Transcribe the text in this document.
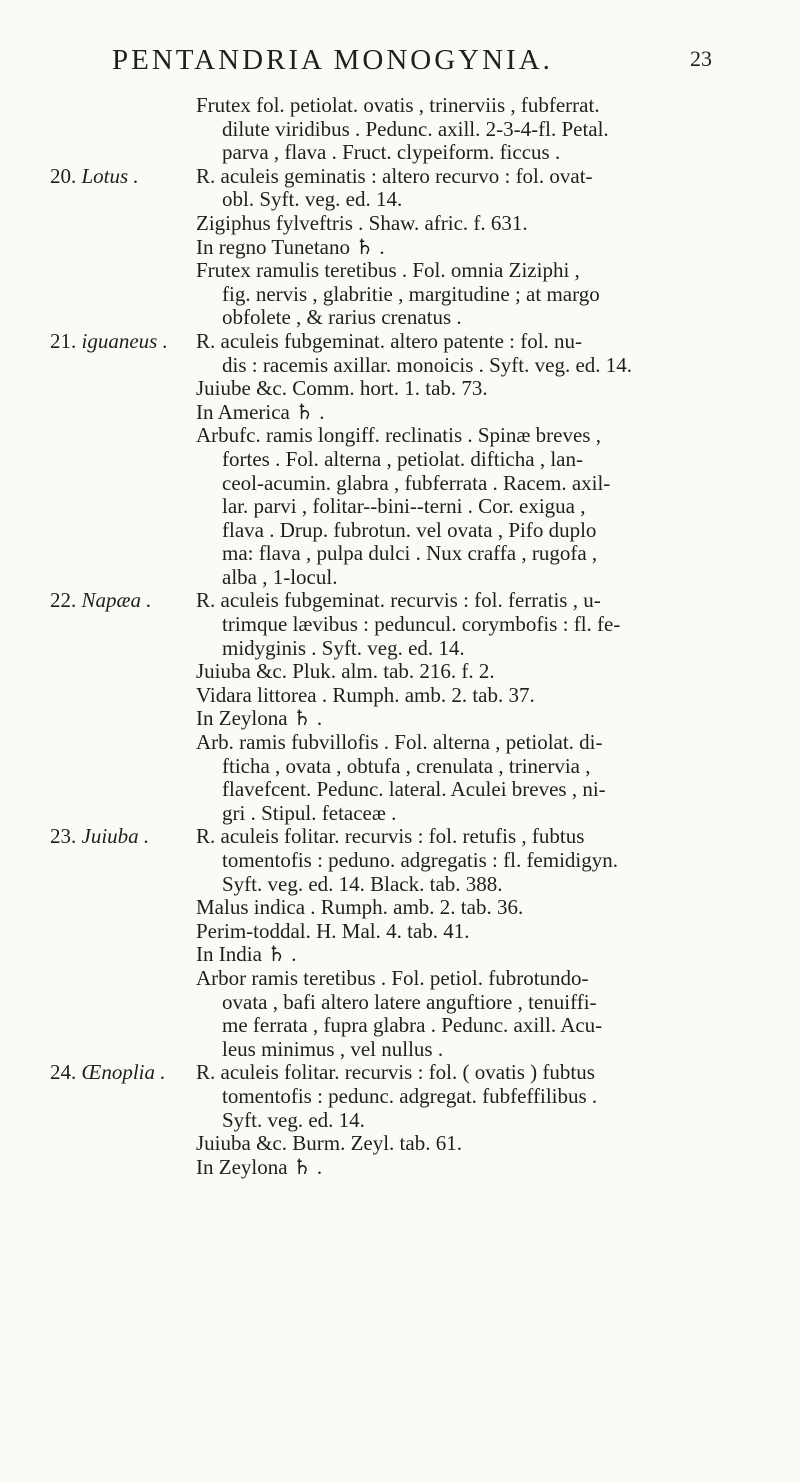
PENTANDRIA MONOGYNIA.	23
Frutex fol. petiolat. ovatis , trinerviis , fubferrat.
dilute viridibus . Pedunc. axill. 2-3-4-fl. Petal.
parva , flava . Fruct. clypeiform. ficcus .
20. Lotus .	R. aculeis geminatis : altero recurvo : fol. ovat-
obl. Syft. veg. ed. 14.
Zigiphus fylveftris . Shaw. afric. f. 631.
In regno Tunetano ♄ .
Frutex ramulis teretibus . Fol. omnia Ziziphi ,
fig. nervis , glabritie , margitudine ; at margo
obfolete , & rarius crenatus .
21. iguaneus . R. aculeis fubgeminat. altero patente : fol. nu-
dis : racemis axillar. monoicis . Syft. veg. ed. 14.
Juiube &c. Comm. hort. 1. tab. 73.
In America ♄ .
Arbufc. ramis longiff. reclinatis . Spinæ breves ,
fortes . Fol. alterna , petiolat. difticha , lan-
ceol-acumin. glabra , fubferrata . Racem. axil-
lar. parvi , folitar--bini--terni . Cor. exigua ,
flava . Drup. fubrotun. vel ovata , Pifo duplo
ma: flava , pulpa dulci . Nux craffa , rugofa ,
alba , 1-locul.
22. Napæa . R. aculeis fubgeminat. recurvis : fol. ferratis , u-
trimque lævibus : peduncul. corymbofis : fl. fe-
midyginis . Syft. veg. ed. 14.
Juiuba &c. Pluk. alm. tab. 216. f. 2.
Vidara littorea . Rumph. amb. 2. tab. 37.
In Zeylona ♄ .
Arb. ramis fubvillofis . Fol. alterna , petiolat. di-
fticha , ovata , obtufa , crenulata , trinervia ,
flavefcent. Pedunc. lateral. Aculei breves , ni-
gri . Stipul. fetaceæ .
23. Juiuba . R. aculeis folitar. recurvis : fol. retufis , fubtus
tomentofis : peduno. adgregatis : fl. femidigyn.
Syft. veg. ed. 14. Black. tab. 388.
Malus indica . Rumph. amb. 2. tab. 36.
Perim-toddal. H. Mal. 4. tab. 41.
In India ♄ .
Arbor ramis teretibus . Fol. petiol. fubrotundo-
ovata , bafi altero latere anguftiore , tenuiffi-
me ferrata , fupra glabra . Pedunc. axill. Acu-
leus minimus , vel nullus .
24. Œnoplia . R. aculeis folitar. recurvis : fol. ( ovatis ) fubtus
tomentofis : pedunc. adgregat. fubfeffilibus .
Syft. veg. ed. 14.
Juiuba &c. Burm. Zeyl. tab. 61.
In Zeylona ♄ .
